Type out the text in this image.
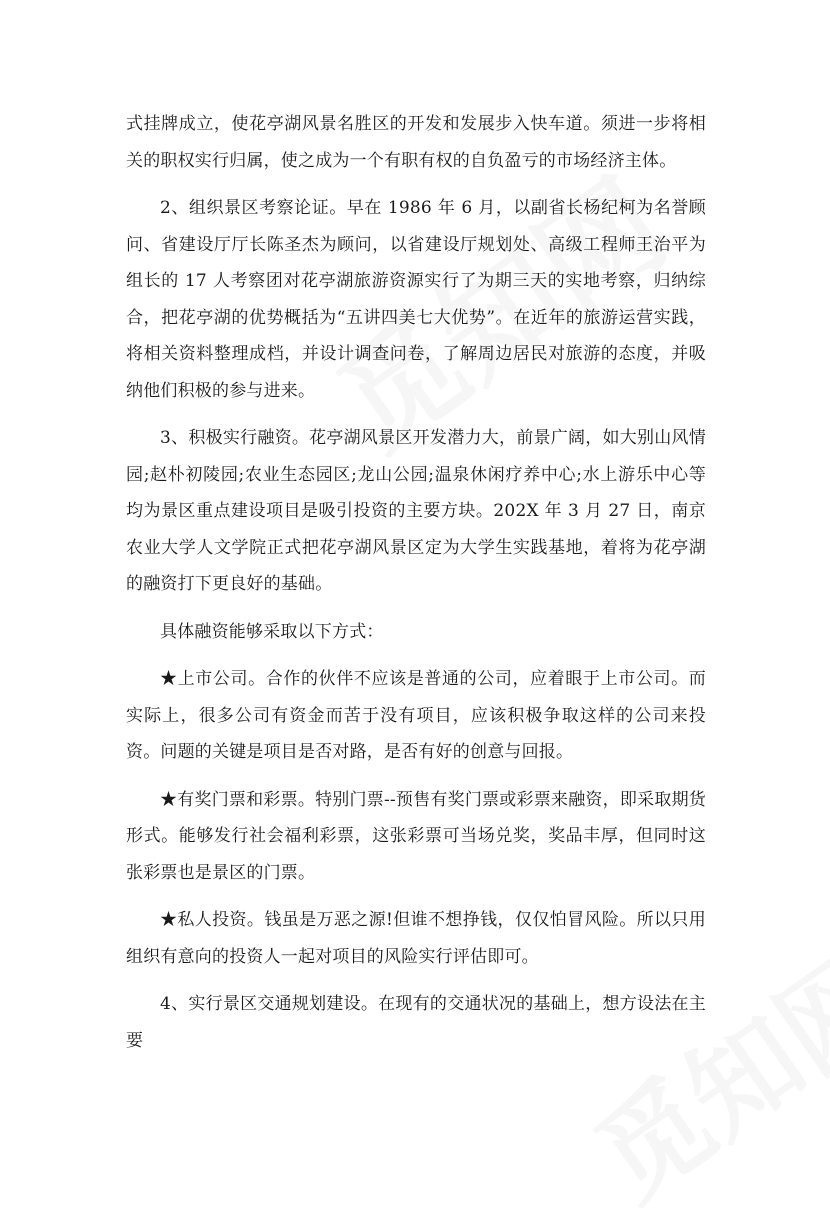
式挂牌成立，使花亭湖风景名胜区的开发和发展步入快车道。须进一步将相关的职权实行归属，使之成为一个有职有权的自负盈亏的市场经济主体。

2、组织景区考察论证。早在 1986 年 6 月，以副省长杨纪柯为名誉顾问、省建设厅厅长陈圣杰为顾问，以省建设厅规划处、高级工程师王治平为组长的 17 人考察团对花亭湖旅游资源实行了为期三天的实地考察，归纳综合，把花亭湖的优势概括为“五讲四美七大优势”。在近年的旅游运营实践，将相关资料整理成档，并设计调查问卷，了解周边居民对旅游的态度，并吸纳他们积极的参与进来。

3、积极实行融资。花亭湖风景区开发潜力大，前景广阔，如大别山风情园;赵朴初陵园;农业生态园区;龙山公园;温泉休闲疗养中心;水上游乐中心等均为景区重点建设项目是吸引投资的主要方块。202X 年 3 月 27 日，南京农业大学人文学院正式把花亭湖风景区定为大学生实践基地，着将为花亭湖的融资打下更良好的基础。

具体融资能够采取以下方式：

★上市公司。合作的伙伴不应该是普通的公司，应着眼于上市公司。而实际上，很多公司有资金而苦于没有项目，应该积极争取这样的公司来投资。问题的关键是项目是否对路，是否有好的创意与回报。

★有奖门票和彩票。特别门票--预售有奖门票或彩票来融资，即采取期货形式。能够发行社会福利彩票，这张彩票可当场兑奖，奖品丰厚，但同时这张彩票也是景区的门票。

★私人投资。钱虽是万恶之源!但谁不想挣钱，仅仅怕冒风险。所以只用组织有意向的投资人一起对项目的风险实行评估即可。

4、实行景区交通规划建设。在现有的交通状况的基础上，想方设法在主要
